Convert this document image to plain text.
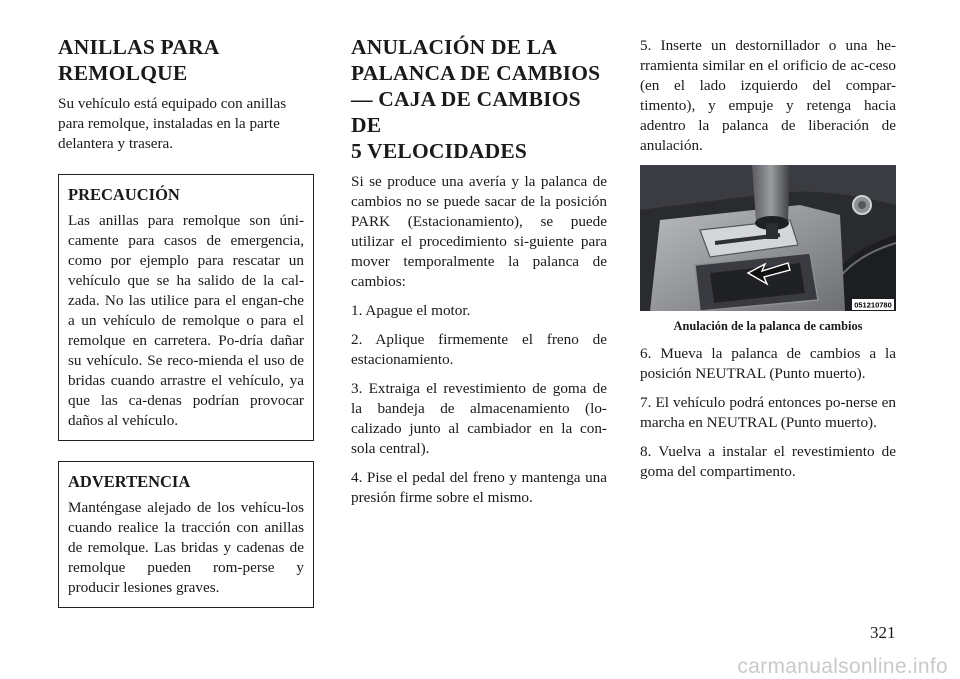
ANILLAS PARA
REMOLQUE

Su vehículo está equipado con anillas para remolque, instaladas en la parte delantera y trasera.

PRECAUCIÓN

Las anillas para remolque son úni-camente para casos de emergencia, como por ejemplo para rescatar un vehículo que se ha salido de la cal-zada. No las utilice para el engan-che a un vehículo de remolque o para el remolque en carretera. Po-dría dañar su vehículo. Se reco-mienda el uso de bridas cuando arrastre el vehículo, ya que las ca-denas podrían provocar daños al vehículo.

ADVERTENCIA

Manténgase alejado de los vehícu-los cuando realice la tracción con anillas de remolque. Las bridas y cadenas de remolque pueden rom-perse y producir lesiones graves.

ANULACIÓN DE LA
PALANCA DE CAMBIOS
— CAJA DE CAMBIOS DE
5 VELOCIDADES

Si se produce una avería y la palanca de cambios no se puede sacar de la posición PARK (Estacionamiento), se puede utilizar el procedimiento si-guiente para mover temporalmente la palanca de cambios:

1. Apague el motor.

2. Aplique firmemente el freno de estacionamiento.

3. Extraiga el revestimiento de goma de la bandeja de almacenamiento (lo-calizado junto al cambiador en la con-sola central).

4. Pise el pedal del freno y mantenga una presión firme sobre el mismo.

5. Inserte un destornillador o una he-rramienta similar en el orificio de ac-ceso (en el lado izquierdo del compar-timento), y empuje y retenga hacia adentro la palanca de liberación de anulación.

051210780
Anulación de la palanca de cambios

6. Mueva la palanca de cambios a la posición NEUTRAL (Punto muerto).

7. El vehículo podrá entonces po-nerse en marcha en NEUTRAL (Punto muerto).

8. Vuelva a instalar el revestimiento de goma del compartimento.

321
carmanualsonline.info
